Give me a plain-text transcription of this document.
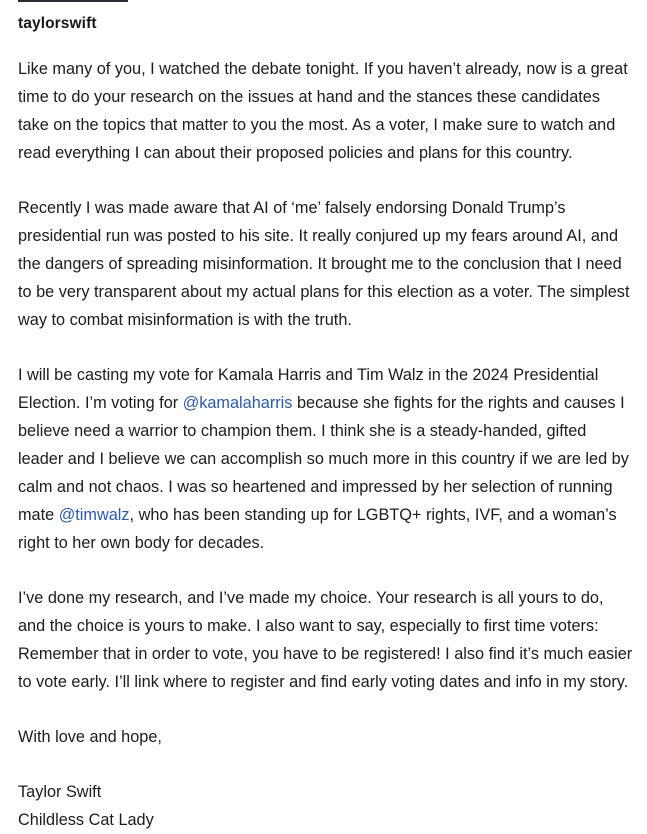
taylorswift

Like many of you, I watched the debate tonight. If you haven’t already, now is a great time to do your research on the issues at hand and the stances these candidates take on the topics that matter to you the most. As a voter, I make sure to watch and read everything I can about their proposed policies and plans for this country.

Recently I was made aware that AI of ‘me’ falsely endorsing Donald Trump’s presidential run was posted to his site. It really conjured up my fears around AI, and the dangers of spreading misinformation. It brought me to the conclusion that I need to be very transparent about my actual plans for this election as a voter. The simplest way to combat misinformation is with the truth.

I will be casting my vote for Kamala Harris and Tim Walz in the 2024 Presidential Election. I’m voting for @kamalaharris because she fights for the rights and causes I believe need a warrior to champion them. I think she is a steady-handed, gifted leader and I believe we can accomplish so much more in this country if we are led by calm and not chaos. I was so heartened and impressed by her selection of running mate @timwalz, who has been standing up for LGBTQ+ rights, IVF, and a woman’s right to her own body for decades.

I’ve done my research, and I’ve made my choice. Your research is all yours to do, and the choice is yours to make. I also want to say, especially to first time voters: Remember that in order to vote, you have to be registered! I also find it’s much easier to vote early. I’ll link where to register and find early voting dates and info in my story.

With love and hope,

Taylor Swift

Childless Cat Lady
